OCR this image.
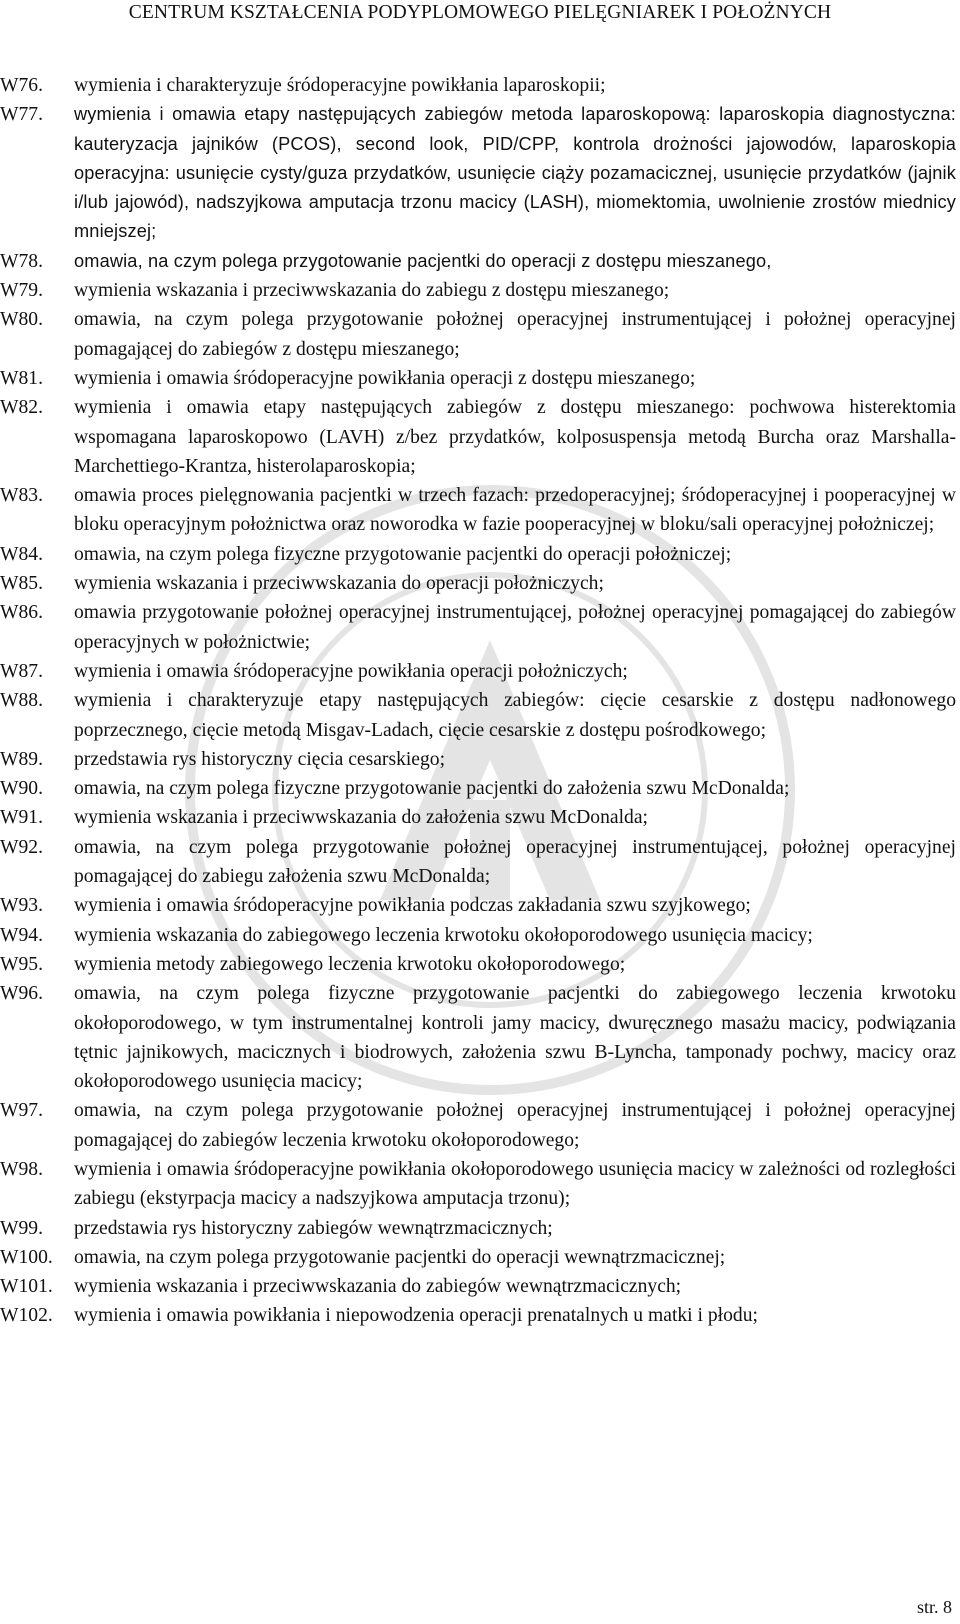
CENTRUM KSZTAŁCENIA PODYPLOMOWEGO PIELĘGNIAREK I POŁOŻNYCH
W76.	wymienia i charakteryzuje śródoperacyjne powikłania laparoskopii;
W77.	wymienia i omawia etapy następujących zabiegów metoda laparoskopową: laparoskopia diagnostyczna: kauteryzacja jajników (PCOS), second look, PID/CPP, kontrola drożności jajowodów, laparoskopia operacyjna: usunięcie cysty/guza przydatków, usunięcie ciąży pozamacicznej, usunięcie przydatków (jajnik i/lub jajowód), nadszyjkowa amputacja trzonu macicy (LASH), miomektomia, uwolnienie zrostów miednicy mniejszej;
W78.	omawia, na czym polega przygotowanie pacjentki do operacji z dostępu mieszanego,
W79.	wymienia wskazania i przeciwwskazania do zabiegu z dostępu mieszanego;
W80.	omawia, na czym polega przygotowanie położnej operacyjnej instrumentującej i położnej operacyjnej pomagającej do zabiegów z dostępu mieszanego;
W81.	wymienia i omawia śródoperacyjne powikłania operacji z dostępu mieszanego;
W82.	wymienia i omawia etapy następujących zabiegów z dostępu mieszanego: pochwowa histerektomia wspomagana laparoskopowo (LAVH) z/bez przydatków, kolposuspensja metodą Burcha oraz Marshalla-Marchettiego-Krantza, histerolaparoskopia;
W83.	omawia proces pielęgnowania pacjentki w trzech fazach: przedoperacyjnej; śródoperacyjnej i pooperacyjnej w bloku operacyjnym położnictwa oraz noworodka w fazie pooperacyjnej w bloku/sali operacyjnej położniczej;
W84.	omawia, na czym polega fizyczne przygotowanie pacjentki do operacji położniczej;
W85.	wymienia wskazania i przeciwwskazania do operacji położniczych;
W86.	omawia przygotowanie położnej operacyjnej instrumentującej, położnej operacyjnej pomagającej do zabiegów operacyjnych w położnictwie;
W87.	wymienia i omawia śródoperacyjne powikłania operacji położniczych;
W88.	wymienia i charakteryzuje etapy następujących zabiegów: cięcie cesarskie z dostępu nadłonowego poprzecznego, cięcie metodą Misgav-Ladach, cięcie cesarskie z dostępu pośrodkowego;
W89.	przedstawia rys historyczny cięcia cesarskiego;
W90.	omawia, na czym polega fizyczne przygotowanie pacjentki do założenia szwu McDonalda;
W91.	wymienia wskazania i przeciwwskazania do założenia szwu McDonalda;
W92.	omawia, na czym polega przygotowanie położnej operacyjnej instrumentującej, położnej operacyjnej pomagającej do zabiegu założenia szwu McDonalda;
W93.	wymienia i omawia śródoperacyjne powikłania podczas zakładania szwu szyjkowego;
W94.	wymienia wskazania do zabiegowego leczenia krwotoku okołoporodowego usunięcia macicy;
W95.	wymienia metody zabiegowego leczenia krwotoku okołoporodowego;
W96.	omawia, na czym polega fizyczne przygotowanie pacjentki do zabiegowego leczenia krwotoku okołoporodowego, w tym instrumentalnej kontroli jamy macicy, dwuręcznego masażu macicy, podwiązania tętnic jajnikowych, macicznych i biodrowych, założenia szwu B-Lyncha, tamponady pochwy, macicy oraz okołoporodowego usunięcia macicy;
W97.	omawia, na czym polega przygotowanie położnej operacyjnej instrumentującej i położnej operacyjnej pomagającej do zabiegów leczenia krwotoku okołoporodowego;
W98.	wymienia i omawia śródoperacyjne powikłania okołoporodowego usunięcia macicy w zależności od rozległości zabiegu (ekstyrpacja macicy a nadszyjkowa amputacja trzonu);
W99.	przedstawia rys historyczny zabiegów wewnątrzmacicznych;
W100.	omawia, na czym polega przygotowanie pacjentki do operacji wewnątrzmacicznej;
W101.	wymienia wskazania i przeciwwskazania do zabiegów wewnątrzmacicznych;
W102.	wymienia i omawia powikłania i niepowodzenia operacji prenatalnych u matki i płodu;
str. 8
